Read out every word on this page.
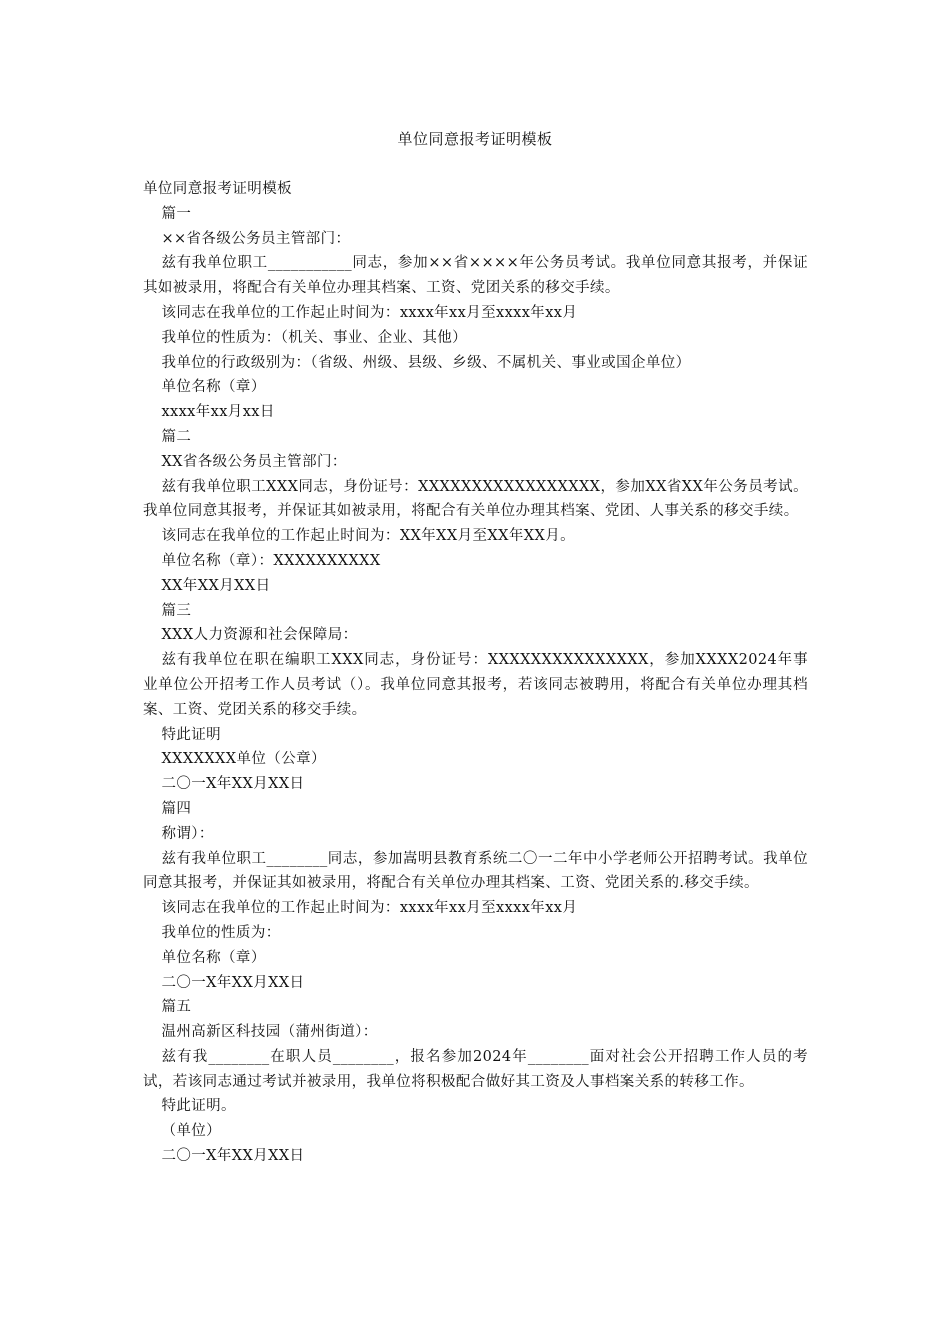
单位同意报考证明模板

单位同意报考证明模板

篇一

××省各级公务员主管部门：

兹有我单位职工___________同志，参加××省××××年公务员考试。我单位同意其报考，并保证其如被录用，将配合有关单位办理其档案、工资、党团关系的移交手续。

该同志在我单位的工作起止时间为：xxxx年xx月至xxxx年xx月

我单位的性质为：（机关、事业、企业、其他）

我单位的行政级别为：（省级、州级、县级、乡级、不属机关、事业或国企单位）

单位名称（章）

xxxx年xx月xx日

篇二

XX省各级公务员主管部门：

兹有我单位职工XXX同志，身份证号：XXXXXXXXXXXXXXXXX，参加XX省XX年公务员考试。我单位同意其报考，并保证其如被录用，将配合有关单位办理其档案、党团、人事关系的移交手续。

该同志在我单位的工作起止时间为：XX年XX月至XX年XX月。

单位名称（章）：XXXXXXXXXX

XX年XX月XX日

篇三

XXX人力资源和社会保障局：

兹有我单位在职在编职工XXX同志，身份证号：XXXXXXXXXXXXXXX，参加XXXX2024年事业单位公开招考工作人员考试（）。我单位同意其报考，若该同志被聘用，将配合有关单位办理其档案、工资、党团关系的移交手续。

特此证明

XXXXXXX单位（公章）

二〇一X年XX月XX日

篇四

称谓）：

兹有我单位职工________同志，参加嵩明县教育系统二〇一二年中小学老师公开招聘考试。我单位同意其报考，并保证其如被录用，将配合有关单位办理其档案、工资、党团关系的.移交手续。

该同志在我单位的工作起止时间为：xxxx年xx月至xxxx年xx月

我单位的性质为：

单位名称（章）

二〇一X年XX月XX日

篇五

温州高新区科技园（蒲州街道）：

兹有我________在职人员________，报名参加2024年________面对社会公开招聘工作人员的考试，若该同志通过考试并被录用，我单位将积极配合做好其工资及人事档案关系的转移工作。

特此证明。

（单位）

二〇一X年XX月XX日
